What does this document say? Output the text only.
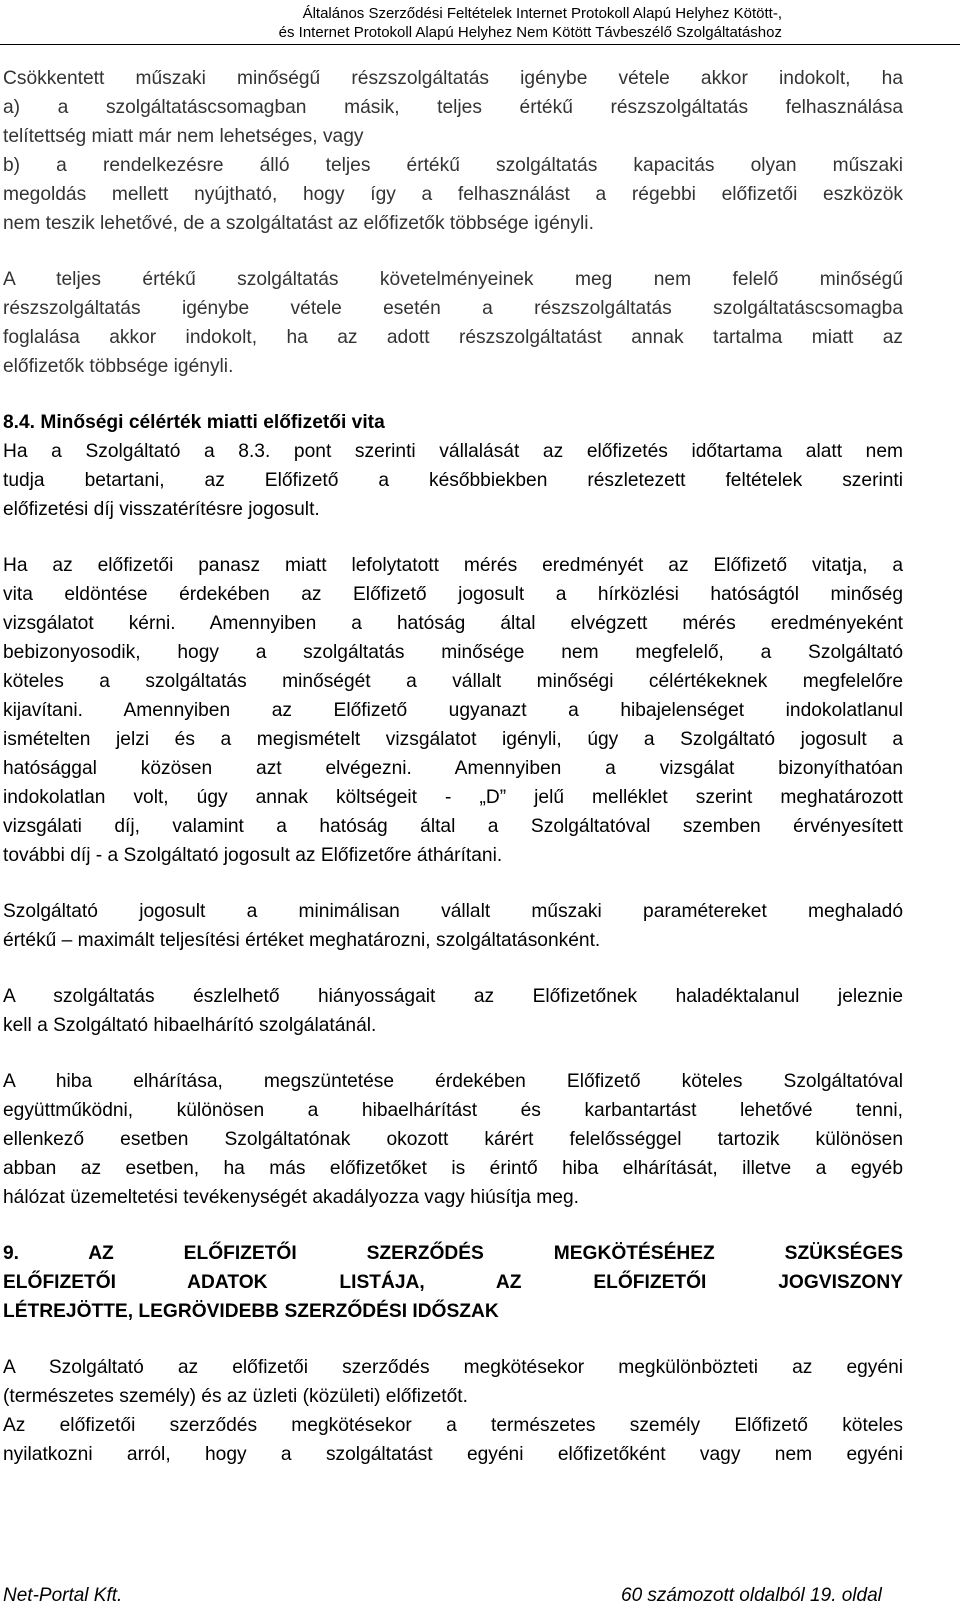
Általános Szerződési Feltételek Internet Protokoll Alapú Helyhez Kötött-,
és Internet Protokoll Alapú Helyhez Nem Kötött Távbeszélő Szolgáltatáshoz
Csökkentett műszaki minőségű részszolgáltatás igénybe vétele akkor indokolt, ha
a) a szolgáltatáscsomagban másik, teljes értékű részszolgáltatás felhasználása
telítettség miatt már nem lehetséges, vagy
b) a rendelkezésre álló teljes értékű szolgáltatás kapacitás olyan műszaki
megoldás mellett nyújtható, hogy így a felhasználást a régebbi előfizetői eszközök
nem teszik lehetővé, de a szolgáltatást az előfizetők többsége igényli.
A teljes értékű szolgáltatás követelményeinek meg nem felelő minőségű
részszolgáltatás igénybe vétele esetén a részszolgáltatás szolgáltatáscsomagba
foglalása akkor indokolt, ha az adott részszolgáltatást annak tartalma miatt az
előfizetők többsége igényli.
8.4. Minőségi célérték miatti előfizetői vita
Ha a Szolgáltató a 8.3. pont szerinti vállalását az előfizetés időtartama alatt nem
tudja betartani, az Előfizető a későbbiekben részletezett feltételek szerinti
előfizetési díj visszatérítésre jogosult.
Ha az előfizetői panasz miatt lefolytatott mérés eredményét az Előfizető vitatja, a
vita eldöntése érdekében az Előfizető jogosult a hírközlési hatóságtól minőség
vizsgálatot kérni. Amennyiben a hatóság által elvégzett mérés eredményeként
bebizonyosodik, hogy a szolgáltatás minősége nem megfelelő, a Szolgáltató
köteles a szolgáltatás minőségét a vállalt minőségi célértékeknek megfelelőre
kijavítani. Amennyiben az Előfizető ugyanazt a hibajelenséget indokolatlanul
ismételten jelzi és a megismételt vizsgálatot igényli, úgy a Szolgáltató jogosult a
hatósággal közösen azt elvégezni. Amennyiben a vizsgálat bizonyíthatóan
indokolatlan volt, úgy annak költségeit - „D” jelű melléklet szerint meghatározott
vizsgálati díj, valamint a hatóság által a Szolgáltatóval szemben érvényesített
további díj - a Szolgáltató jogosult az Előfizetőre áthárítani.
Szolgáltató jogosult a minimálisan vállalt műszaki paramétereket meghaladó
értékű – maximált teljesítési értéket meghatározni, szolgáltatásonként.
A szolgáltatás észlelhető hiányosságait az Előfizetőnek haladéktalanul jeleznie
kell a Szolgáltató hibaelhárító szolgálatánál.
A hiba elhárítása, megszüntetése érdekében Előfizető köteles Szolgáltatóval
együttműködni, különösen a hibaelhárítást és karbantartást lehetővé tenni,
ellenkező esetben Szolgáltatónak okozott kárért felelősséggel tartozik különösen
abban az esetben, ha más előfizetőket is érintő hiba elhárítását, illetve a egyéb
hálózat üzemeltetési tevékenységét akadályozza vagy hiúsítja meg.
9. AZ ELŐFIZETŐI SZERZŐDÉS MEGKÖTÉSÉHEZ SZÜKSÉGES
ELŐFIZETŐI ADATOK LISTÁJA, AZ ELŐFIZETŐI JOGVISZONY
LÉTREJÖTTE, LEGRÖVIDEBB SZERZŐDÉSI IDŐSZAK
A Szolgáltató az előfizetői szerződés megkötésekor megkülönbözteti az egyéni
(természetes személy) és az üzleti (közületi) előfizetőt.
Az előfizetői szerződés megkötésekor a természetes személy Előfizető köteles
nyilatkozni arról, hogy a szolgáltatást egyéni előfizetőként vagy nem egyéni
Net-Portal Kft.	60 számozott oldalból 19. oldal
